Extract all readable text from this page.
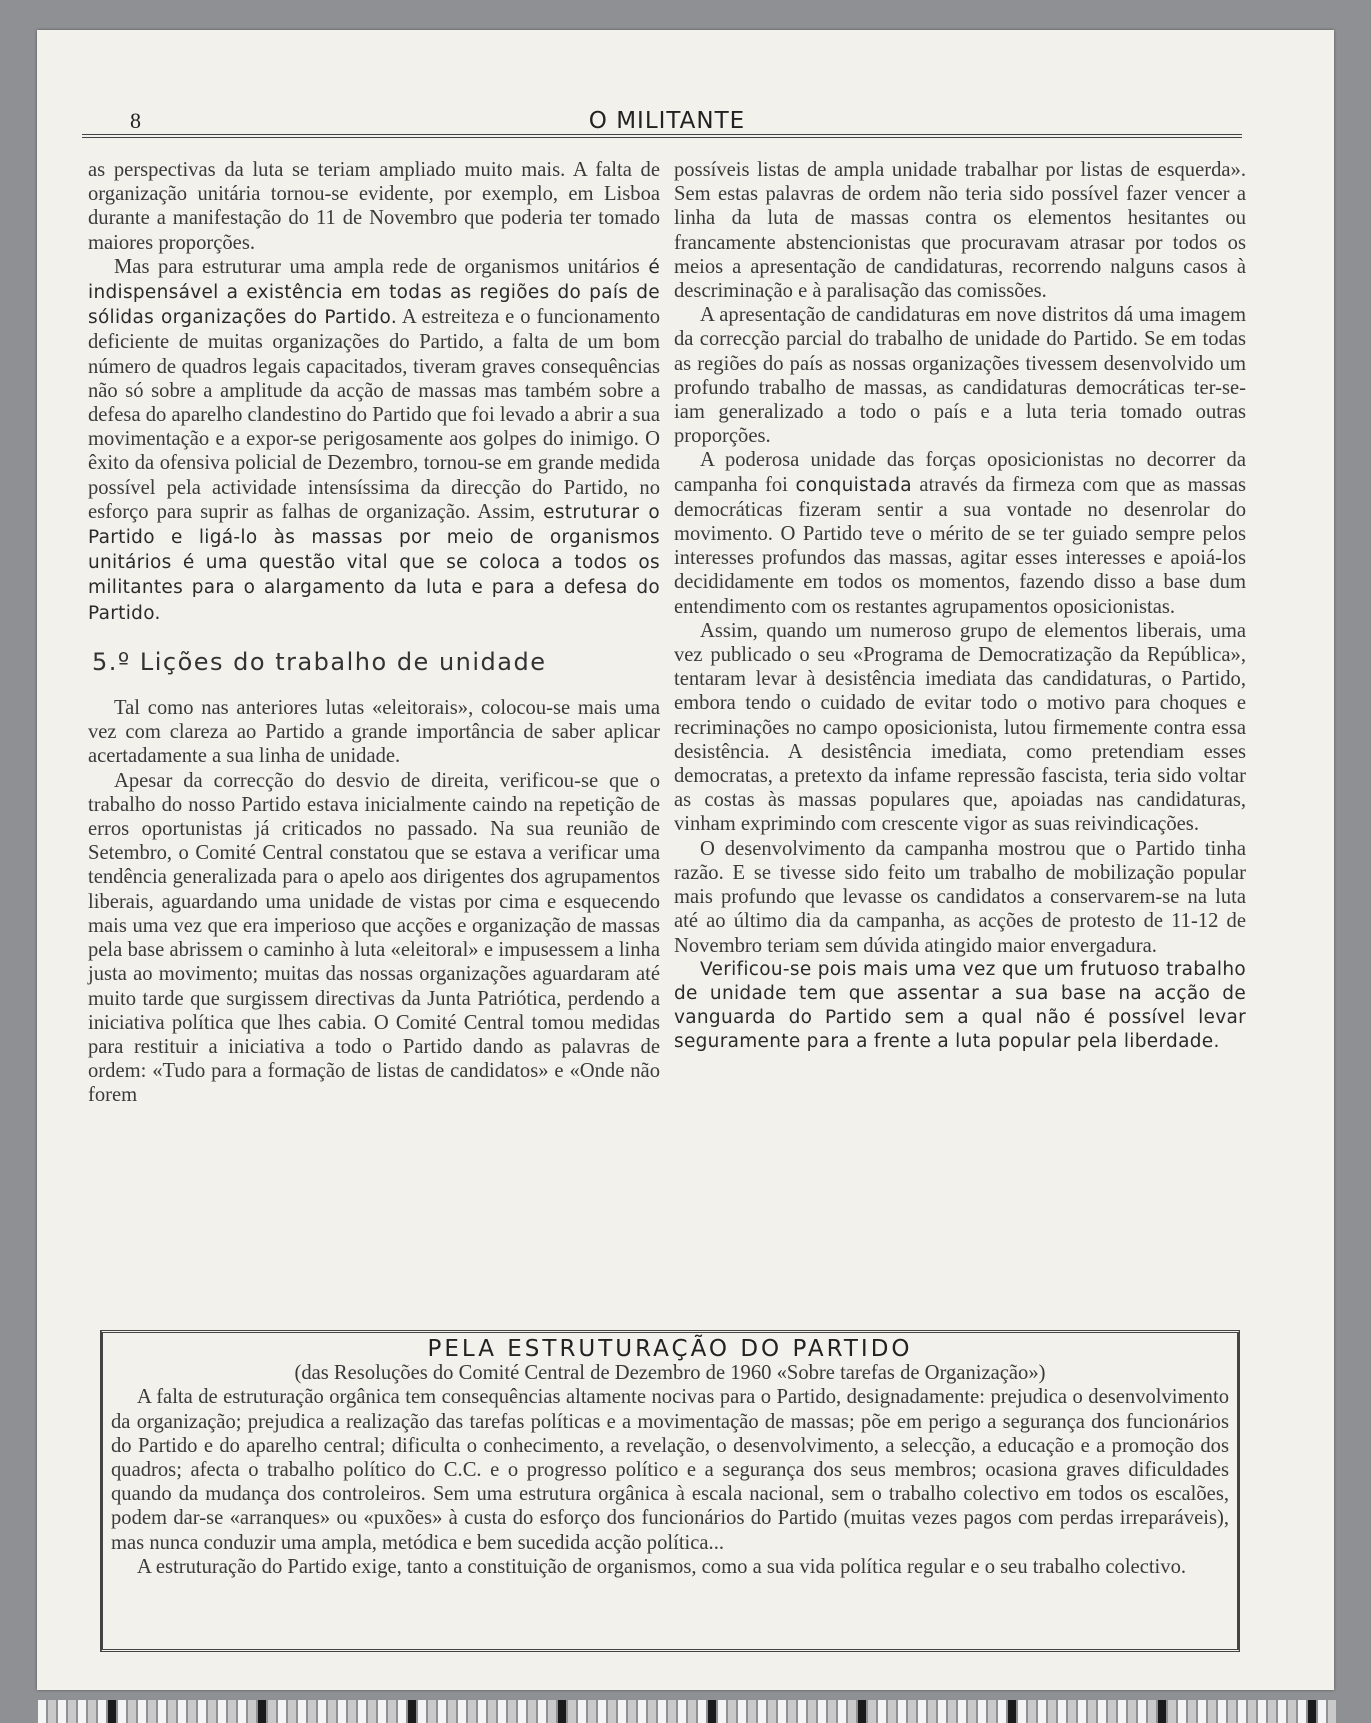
8	O MILITANTE

as perspectivas da luta se teriam ampliado muito mais. A falta de organização unitária tornou-se evidente, por exemplo, em Lisboa durante a manifestação do 11 de Novembro que poderia ter tomado maiores proporções.

Mas para estruturar uma ampla rede de organismos unitários é indispensável a existência em todas as regiões do país de sólidas organizações do Partido. A estreiteza e o funcionamento deficiente de muitas organizações do Partido, a falta de um bom número de quadros legais capacitados, tiveram graves consequências não só sobre a amplitude da acção de massas mas também sobre a defesa do aparelho clandestino do Partido que foi levado a abrir a sua movimentação e a expor-se perigosamente aos golpes do inimigo. O êxito da ofensiva policial de Dezembro, tornou-se em grande medida possível pela actividade intensíssima da direcção do Partido, no esforço para suprir as falhas de organização. Assim, estruturar o Partido e ligá-lo às massas por meio de organismos unitários é uma questão vital que se coloca a todos os militantes para o alargamento da luta e para a defesa do Partido.

5.º Lições do trabalho de unidade

Tal como nas anteriores lutas «eleitorais», colocou-se mais uma vez com clareza ao Partido a grande importância de saber aplicar acertadamente a sua linha de unidade.

Apesar da correcção do desvio de direita, verificou-se que o trabalho do nosso Partido estava inicialmente caindo na repetição de erros oportunistas já criticados no passado. Na sua reunião de Setembro, o Comité Central constatou que se estava a verificar uma tendência generalizada para o apelo aos dirigentes dos agrupamentos liberais, aguardando uma unidade de vistas por cima e esquecendo mais uma vez que era imperioso que acções e organização de massas pela base abrissem o caminho à luta «eleitoral» e impusessem a linha justa ao movimento; muitas das nossas organizações aguardaram até muito tarde que surgissem directivas da Junta Patriótica, perdendo a iniciativa política que lhes cabia. O Comité Central tomou medidas para restituir a iniciativa a todo o Partido dando as palavras de ordem: «Tudo para a formação de listas de candidatos» e «Onde não forem

possíveis listas de ampla unidade trabalhar por listas de esquerda». Sem estas palavras de ordem não teria sido possível fazer vencer a linha da luta de massas contra os elementos hesitantes ou francamente abstencionistas que procuravam atrasar por todos os meios a apresentação de candidaturas, recorrendo nalguns casos à descriminação e à paralisação das comissões.

A apresentação de candidaturas em nove distritos dá uma imagem da correcção parcial do trabalho de unidade do Partido. Se em todas as regiões do país as nossas organizações tivessem desenvolvido um profundo trabalho de massas, as candidaturas democráticas ter-se-iam generalizado a todo o país e a luta teria tomado outras proporções.

A poderosa unidade das forças oposicionistas no decorrer da campanha foi conquistada através da firmeza com que as massas democráticas fizeram sentir a sua vontade no desenrolar do movimento. O Partido teve o mérito de se ter guiado sempre pelos interesses profundos das massas, agitar esses interesses e apoiá-los decididamente em todos os momentos, fazendo disso a base dum entendimento com os restantes agrupamentos oposicionistas.

Assim, quando um numeroso grupo de elementos liberais, uma vez publicado o seu «Programa de Democratização da República», tentaram levar à desistência imediata das candidaturas, o Partido, embora tendo o cuidado de evitar todo o motivo para choques e recriminações no campo oposicionista, lutou firmemente contra essa desistência. A desistência imediata, como pretendiam esses democratas, a pretexto da infame repressão fascista, teria sido voltar as costas às massas populares que, apoiadas nas candidaturas, vinham exprimindo com crescente vigor as suas reivindicações.

O desenvolvimento da campanha mostrou que o Partido tinha razão. E se tivesse sido feito um trabalho de mobilização popular mais profundo que levasse os candidatos a conservarem-se na luta até ao último dia da campanha, as acções de protesto de 11-12 de Novembro teriam sem dúvida atingido maior envergadura.

Verificou-se pois mais uma vez que um frutuoso trabalho de unidade tem que assentar a sua base na acção de vanguarda do Partido sem a qual não é possível levar seguramente para a frente a luta popular pela liberdade.

PELA ESTRUTURAÇÃO DO PARTIDO

(das Resoluções do Comité Central de Dezembro de 1960 «Sobre tarefas de Organização»)

A falta de estruturação orgânica tem consequências altamente nocivas para o Partido, designadamente: prejudica o desenvolvimento da organização; prejudica a realização das tarefas políticas e a movimentação de massas; põe em perigo a segurança dos funcionários do Partido e do aparelho central; dificulta o conhecimento, a revelação, o desenvolvimento, a selecção, a educação e a promoção dos quadros; afecta o trabalho político do C.C. e o progresso político e a segurança dos seus membros; ocasiona graves dificuldades quando da mudança dos controleiros. Sem uma estrutura orgânica à escala nacional, sem o trabalho colectivo em todos os escalões, podem dar-se «arranques» ou «puxões» à custa do esforço dos funcionários do Partido (muitas vezes pagos com perdas irreparáveis), mas nunca conduzir uma ampla, metódica e bem sucedida acção política...

A estruturação do Partido exige, tanto a constituição de organismos, como a sua vida política regular e o seu trabalho colectivo.
